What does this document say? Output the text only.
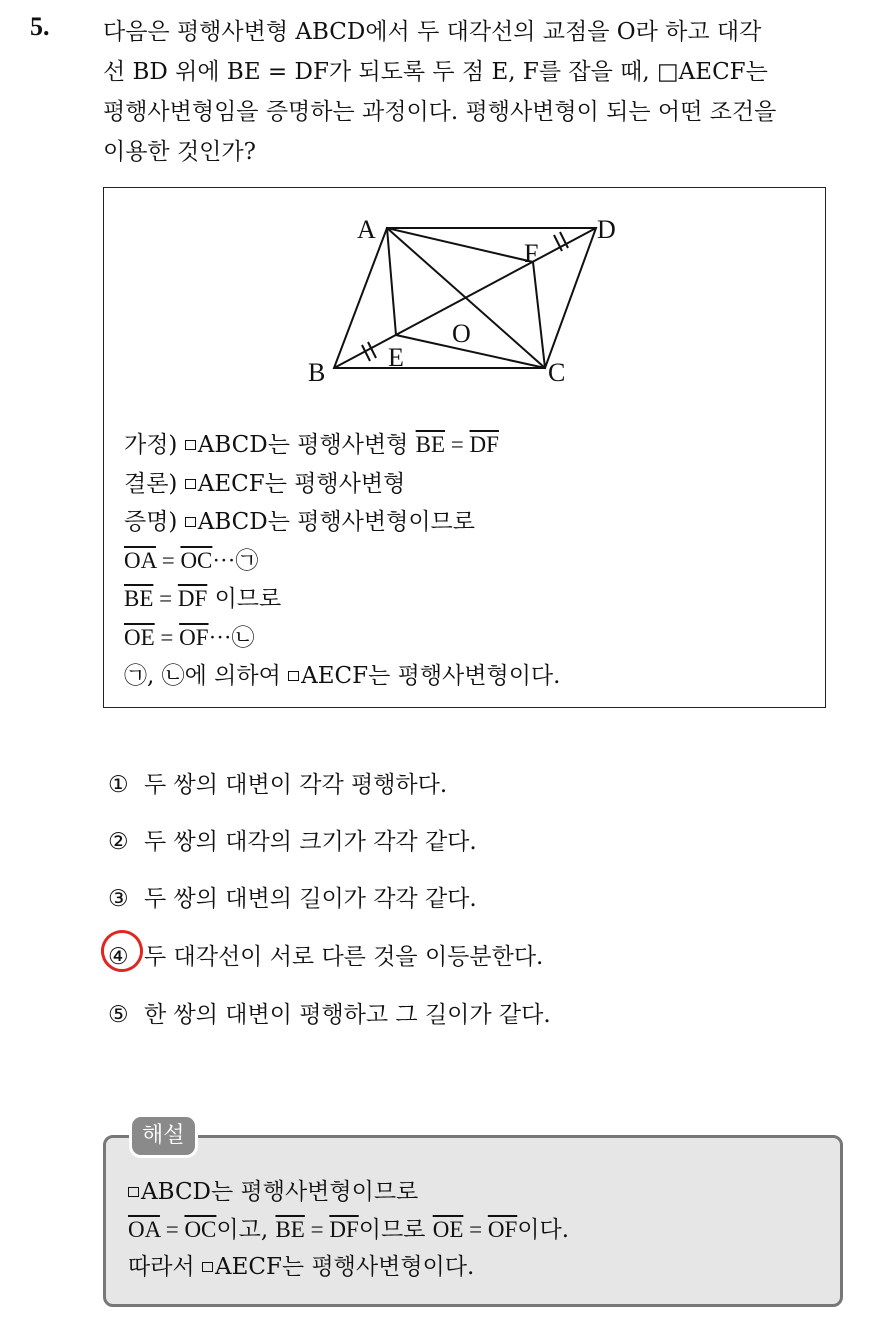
5. 다음은 평행사변형 ABCD에서 두 대각선의 교점을 O라 하고 대각
선 BD 위에 BE = DF가 되도록 두 점 E, F를 잡을 때, □AECF는
평행사변형임을 증명하는 과정이다. 평행사변형이 되는 어떤 조건을
이용한 것인가?
A	D
F
O
E
B	C
가정) ABCD는 평행사변형 $\overline{BE} = \overline{DF}$
결론) AECF는 평행사변형
증명) ABCD는 평행사변형이므로
$\overline{OA}$ = $\overline{OC}\cdot\cdot\cdot㉠$
$\overline{BE} = \overline{DF}$ 이므로
$\overline{OE}$ = $\overline{OF}\cdot\cdot\cdot㉡$
㉠, ㉡에 의하여 AECF는 평행사변형이다.
① 두 쌍의 대변이 각각 평행하다.
② 두 쌍의 대각의 크기가 각각 같다.
③ 두 쌍의 대변의 길이가 각각 같다.
④ 두 대각선이 서로 다른 것을 이등분한다.
⑤ 한 쌍의 대변이 평행하고 그 길이가 같다.
ABCD는 평행사변형이므로
$\overline{OA} = \overline{OC}$이고, $\overline{BE} = \overline{DF}$이므로 $\overline{OE} = \overline{OF}$이다.
따라서 AECF는 평행사변형이다.
해설
